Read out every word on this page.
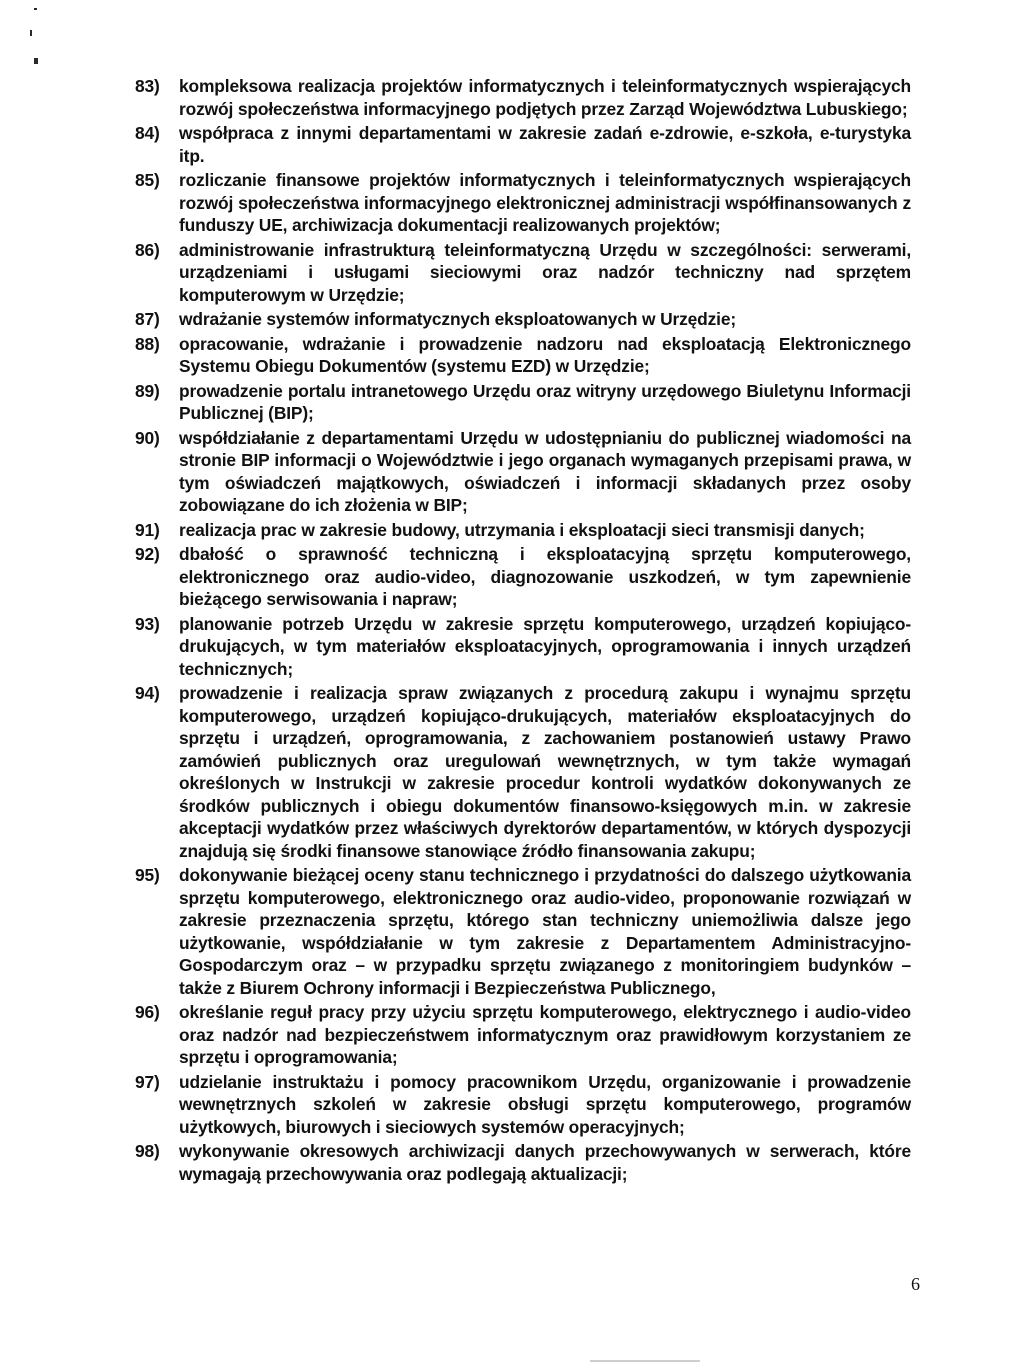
83)	kompleksowa realizacja projektów informatycznych i teleinformatycznych wspierających rozwój społeczeństwa informacyjnego podjętych przez Zarząd Województwa Lubuskiego;
84)	współpraca z innymi departamentami w zakresie zadań e-zdrowie, e-szkoła, e-turystyka itp.
85)	rozliczanie finansowe projektów informatycznych i teleinformatycznych wspierających rozwój społeczeństwa informacyjnego elektronicznej administracji współfinansowanych z funduszy UE, archiwizacja dokumentacji realizowanych projektów;
86)	administrowanie infrastrukturą teleinformatyczną Urzędu w szczególności: serwerami, urządzeniami i usługami sieciowymi oraz nadzór techniczny nad sprzętem komputerowym w Urzędzie;
87)	wdrażanie systemów informatycznych eksploatowanych w Urzędzie;
88)	opracowanie, wdrażanie i prowadzenie nadzoru nad eksploatacją Elektronicznego Systemu Obiegu Dokumentów (systemu EZD) w Urzędzie;
89)	prowadzenie portalu intranetowego Urzędu oraz witryny urzędowego Biuletynu Informacji Publicznej (BIP);
90)	współdziałanie z departamentami Urzędu w udostępnianiu do publicznej wiadomości na stronie BIP informacji o Województwie i jego organach wymaganych przepisami prawa, w tym oświadczeń majątkowych, oświadczeń i informacji składanych przez osoby zobowiązane do ich złożenia w BIP;
91)	realizacja prac w zakresie budowy, utrzymania i eksploatacji sieci transmisji danych;
92)	dbałość o sprawność techniczną i eksploatacyjną sprzętu komputerowego, elektronicznego oraz audio-video, diagnozowanie uszkodzeń, w tym zapewnienie bieżącego serwisowania i napraw;
93)	planowanie potrzeb Urzędu w zakresie sprzętu komputerowego, urządzeń kopiująco-drukujących, w tym materiałów eksploatacyjnych, oprogramowania i innych urządzeń technicznych;
94)	prowadzenie i realizacja spraw związanych z procedurą zakupu i wynajmu sprzętu komputerowego, urządzeń kopiująco-drukujących, materiałów eksploatacyjnych do sprzętu i urządzeń, oprogramowania, z zachowaniem postanowień ustawy Prawo zamówień publicznych oraz uregulowań wewnętrznych, w tym także wymagań określonych w Instrukcji w zakresie procedur kontroli wydatków dokonywanych ze środków publicznych i obiegu dokumentów finansowo-księgowych m.in. w zakresie akceptacji wydatków przez właściwych dyrektorów departamentów, w których dyspozycji znajdują się środki finansowe stanowiące źródło finansowania zakupu;
95)	dokonywanie bieżącej oceny stanu technicznego i przydatności do dalszego użytkowania sprzętu komputerowego, elektronicznego oraz audio-video, proponowanie rozwiązań w zakresie przeznaczenia sprzętu, którego stan techniczny uniemożliwia dalsze jego użytkowanie, współdziałanie w tym zakresie z Departamentem Administracyjno-Gospodarczym oraz – w przypadku sprzętu związanego z monitoringiem budynków – także z Biurem Ochrony informacji i Bezpieczeństwa Publicznego,
96)	określanie reguł pracy przy użyciu sprzętu komputerowego, elektrycznego i audio-video oraz nadzór nad bezpieczeństwem informatycznym oraz prawidłowym korzystaniem ze sprzętu i oprogramowania;
97)	udzielanie instruktażu i pomocy pracownikom Urzędu, organizowanie i prowadzenie wewnętrznych szkoleń w zakresie obsługi sprzętu komputerowego, programów użytkowych, biurowych i sieciowych systemów operacyjnych;
98)	wykonywanie okresowych archiwizacji danych przechowywanych w serwerach, które wymagają przechowywania oraz podlegają aktualizacji;
6
